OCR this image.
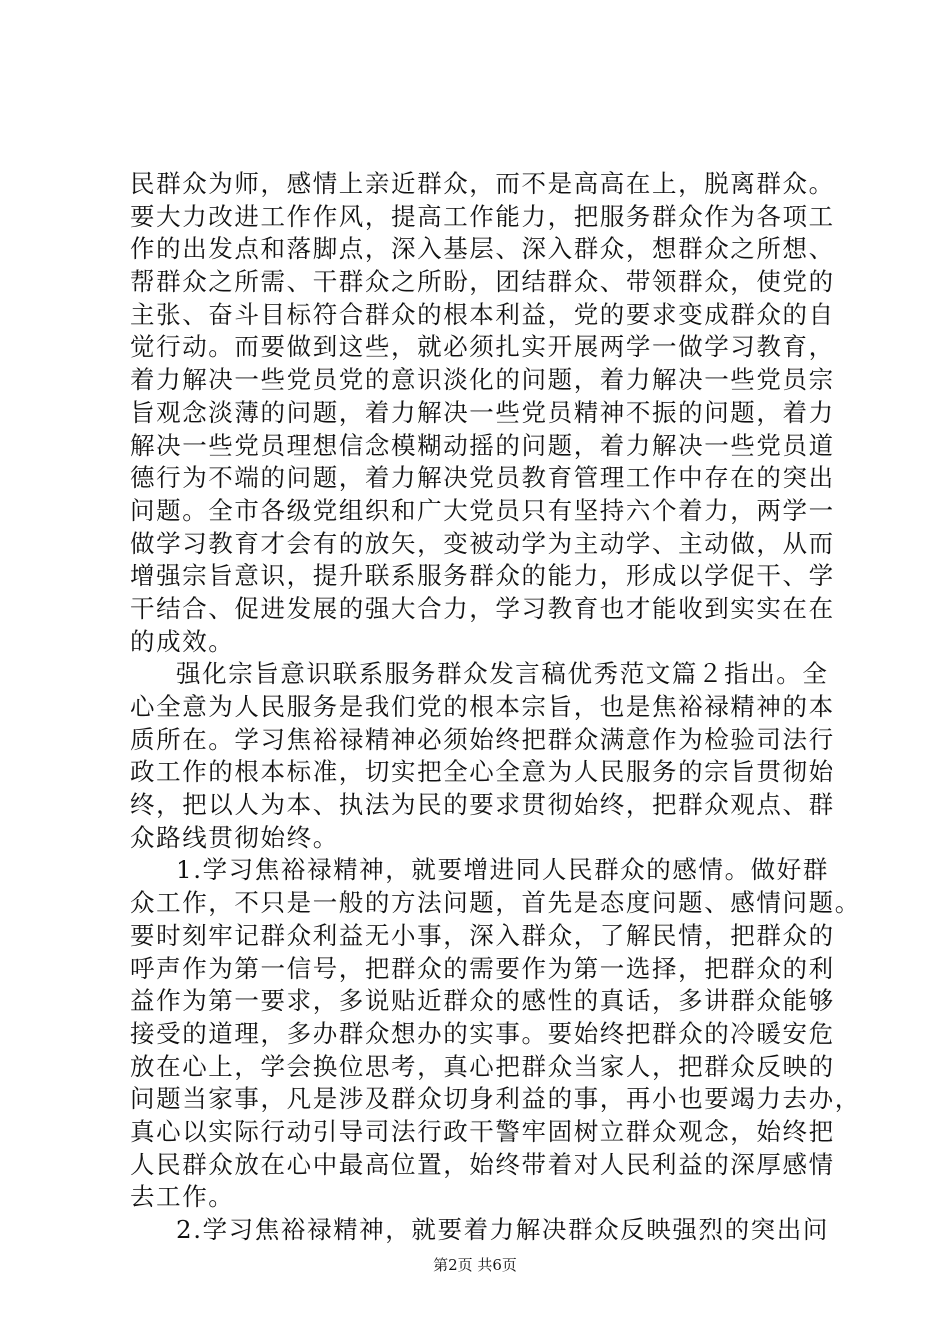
民群众为师，感情上亲近群众，而不是高高在上，脱离群众。
要大力改进工作作风，提高工作能力，把服务群众作为各项工
作的出发点和落脚点，深入基层、深入群众，想群众之所想、
帮群众之所需、干群众之所盼，团结群众、带领群众，使党的
主张、奋斗目标符合群众的根本利益，党的要求变成群众的自
觉行动。而要做到这些，就必须扎实开展两学一做学习教育，
着力解决一些党员党的意识淡化的问题，着力解决一些党员宗
旨观念淡薄的问题，着力解决一些党员精神不振的问题，着力
解决一些党员理想信念模糊动摇的问题，着力解决一些党员道
德行为不端的问题，着力解决党员教育管理工作中存在的突出
问题。全市各级党组织和广大党员只有坚持六个着力，两学一
做学习教育才会有的放矢，变被动学为主动学、主动做，从而
增强宗旨意识，提升联系服务群众的能力，形成以学促干、学
干结合、促进发展的强大合力，学习教育也才能收到实实在在
的成效。
强化宗旨意识联系服务群众发言稿优秀范文篇２指出。全
心全意为人民服务是我们党的根本宗旨，也是焦裕禄精神的本
质所在。学习焦裕禄精神必须始终把群众满意作为检验司法行
政工作的根本标准，切实把全心全意为人民服务的宗旨贯彻始
终，把以人为本、执法为民的要求贯彻始终，把群众观点、群
众路线贯彻始终。
1.学习焦裕禄精神，就要增进同人民群众的感情。做好群
众工作，不只是一般的方法问题，首先是态度问题、感情问题。
要时刻牢记群众利益无小事，深入群众，了解民情，把群众的
呼声作为第一信号，把群众的需要作为第一选择，把群众的利
益作为第一要求，多说贴近群众的感性的真话，多讲群众能够
接受的道理，多办群众想办的实事。要始终把群众的冷暖安危
放在心上，学会换位思考，真心把群众当家人，把群众反映的
问题当家事，凡是涉及群众切身利益的事，再小也要竭力去办，
真心以实际行动引导司法行政干警牢固树立群众观念，始终把
人民群众放在心中最高位置，始终带着对人民利益的深厚感情
去工作。
2.学习焦裕禄精神，就要着力解决群众反映强烈的突出问
第2页 共6页
